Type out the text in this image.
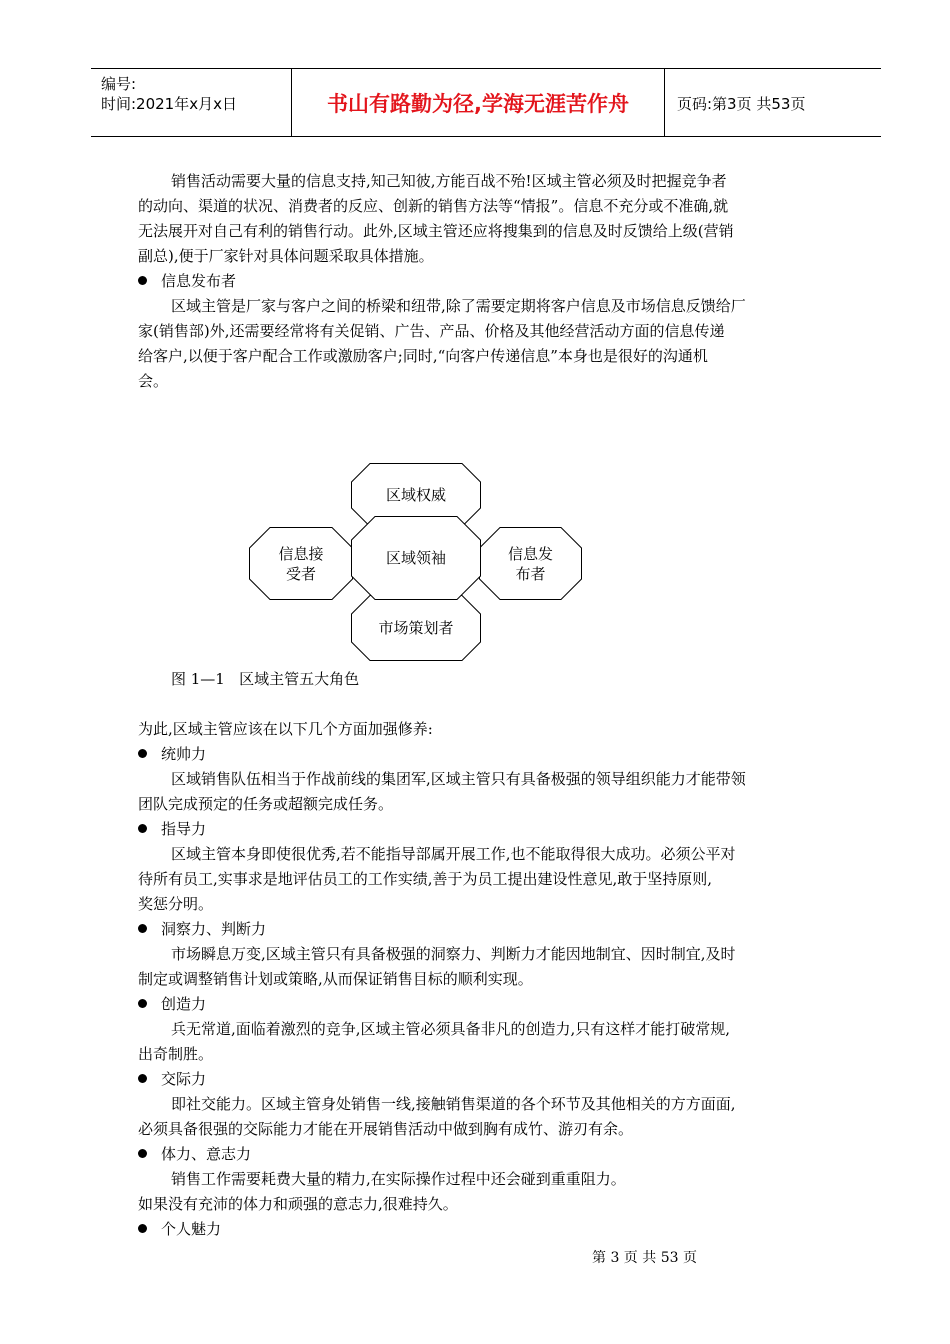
编号:
时间:2021年x月x日	书山有路勤为径,学海无涯苦作舟	页码:第3页 共53页
销售活动需要大量的信息支持,知己知彼,方能百战不殆!区域主管必须及时把握竞争者
的动向、渠道的状况、消费者的反应、创新的销售方法等“情报”。信息不充分或不准确,就
无法展开对自己有利的销售行动。此外,区域主管还应将搜集到的信息及时反馈给上级(营销
副总),便于厂家针对具体问题采取具体措施。
信息发布者
区域主管是厂家与客户之间的桥梁和纽带,除了需要定期将客户信息及市场信息反馈给厂
家(销售部)外,还需要经常将有关促销、广告、产品、价格及其他经营活动方面的信息传递
给客户,以便于客户配合工作或激励客户;同时,“向客户传递信息”本身也是很好的沟通机
会。
区域权威
信息接
受者
信息发
布者
市场策划者
区域领袖
图 1—1   区域主管五大角色
为此,区域主管应该在以下几个方面加强修养:
统帅力
区域销售队伍相当于作战前线的集团军,区域主管只有具备极强的领导组织能力才能带领
团队完成预定的任务或超额完成任务。
指导力
区域主管本身即使很优秀,若不能指导部属开展工作,也不能取得很大成功。必须公平对
待所有员工,实事求是地评估员工的工作实绩,善于为员工提出建设性意见,敢于坚持原则,
奖惩分明。
洞察力、判断力
市场瞬息万变,区域主管只有具备极强的洞察力、判断力才能因地制宜、因时制宜,及时
制定或调整销售计划或策略,从而保证销售目标的顺利实现。
创造力
兵无常道,面临着激烈的竞争,区域主管必须具备非凡的创造力,只有这样才能打破常规,
出奇制胜。
交际力
即社交能力。区域主管身处销售一线,接触销售渠道的各个环节及其他相关的方方面面,
必须具备很强的交际能力才能在开展销售活动中做到胸有成竹、游刃有余。
体力、意志力
销售工作需要耗费大量的精力,在实际操作过程中还会碰到重重阻力。
如果没有充沛的体力和顽强的意志力,很难持久。
个人魅力
第 3 页 共 53 页
